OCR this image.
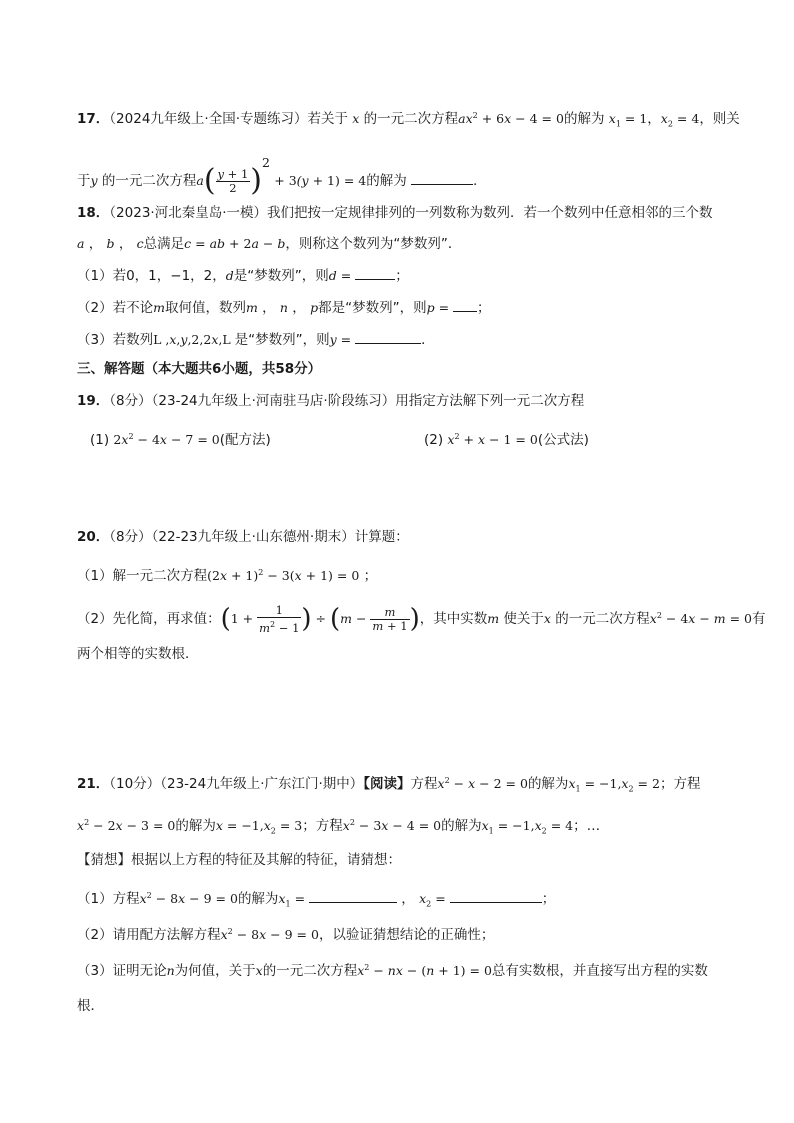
17．（2024九年级上·全国·专题练习）若关于 x 的一元二次方程$ax^2 + 6x - 4 = 0$的解为 $x_1 = 1$，$x_2 = 4$，则关
于y 的一元二次方程$a( \frac{y + 1}{2} )^2 + 3(y + 1) = 4$的解为	.
18．（2023·河北秦皇岛·一模）我们把按一定规律排列的一列数称为数列．若一个数列中任意相邻的三个数
a ， b ， c总满足c = ab + 2a − b，则称这个数列为“梦数列”．
（1）若0，1，−1，2，d是“梦数列”，则d =	；
（2）若不论m取何值，数列m ， n ， p都是“梦数列”，则p = ；
（3）若数列L ,x,y,2,2x,L 是“梦数列”，则y =	．
三、解答题（本大题共6小题，共58分）
19．（8分）（23-24九年级上·河南驻马店·阶段练习）用指定方法解下列一元二次方程
(1) $2x^2 - 4x - 7 = 0$(配方法)	(2) $x^2 + x - 1 = 0$(公式法)
20．（8分）（22-23九年级上·山东德州·期末）计算题：
（1）解一元二次方程$(2x + 1)^2 - 3(x + 1) = 0$ ；
（2）先化简，再求值：($1 + \frac{1}{m^2 - 1}$ ) ÷ ($m - \frac{m}{m + 1}$ )，其中实数m 使关于x 的一元二次方程$x^2 - 4x - m = 0$有
两个相等的实数根．
21．（10分）（23-24九年级上·广东江门·期中）【阅读】方程$x^2 - x - 2 = 0$的解为$x_1 = -1,x_2 = 2$；方程
$x^2 - 2x - 3 = 0$的解为$x = -1,x_2 = 3$；方程$x^2 - 3x - 4 = 0$的解为$x_1 = -1,x_2 = 4$；…
【猜想】根据以上方程的特征及其解的特征，请猜想：
（1）方程$x^2 - 8x - 9 = 0$的解为$x_1$ =	， $x_2$ =	；
（2）请用配方法解方程$x^2 - 8x - 9 = 0$，以验证猜想结论的正确性；
（3）证明无论n为何值，关于x的一元二次方程$x^2$ − nx − (n + 1) = 0总有实数根，并直接写出方程的实数
根．
